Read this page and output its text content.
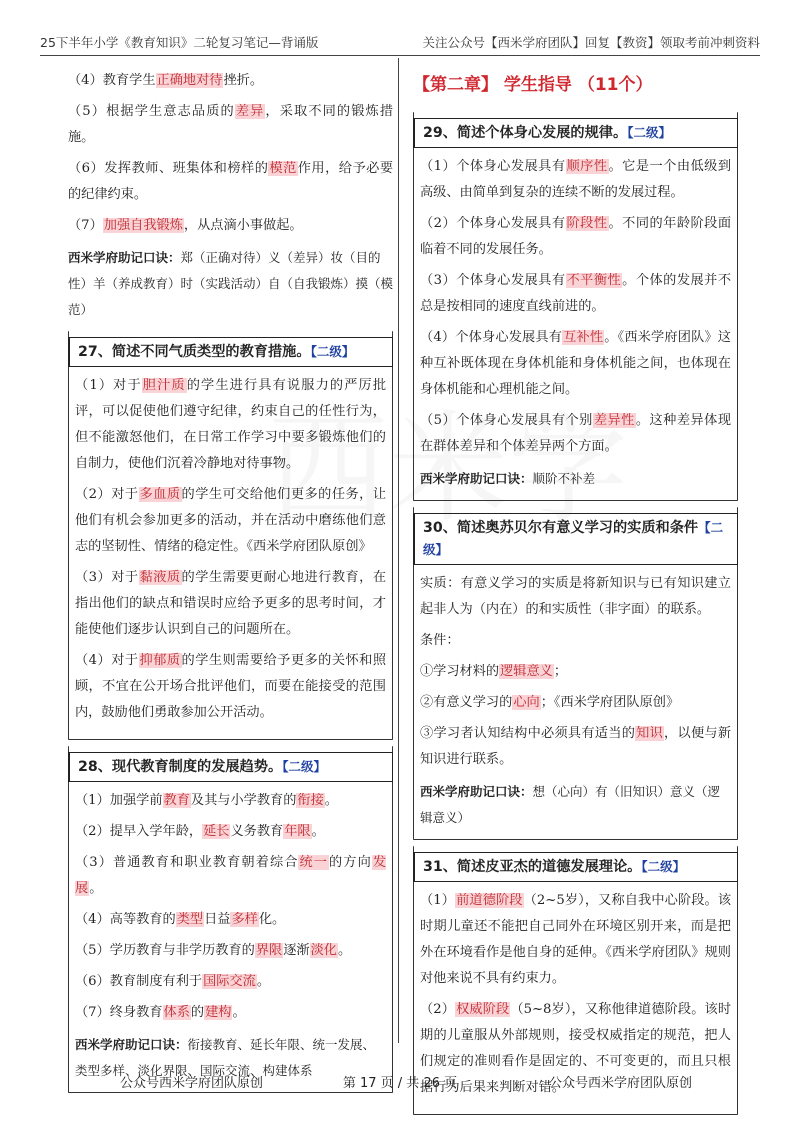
25下半年小学《教育知识》二轮复习笔记—背诵版	关注公众号【西米学府团队】回复【教资】领取考前冲刺资料
（4）教育学生正确地对待挫折。
（5）根据学生意志品质的差异，采取不同的锻炼措施。
（6）发挥教师、班集体和榜样的模范作用，给予必要的纪律约束。
（7）加强自我锻炼，从点滴小事做起。
西米学府助记口诀：郑（正确对待）义（差异）妆（目的性）羊（养成教育）时（实践活动）自（自我锻炼）摸（模范）
27、简述不同气质类型的教育措施。【二级】
（1）对于胆汁质的学生进行具有说服力的严厉批评，可以促使他们遵守纪律，约束自己的任性行为，但不能激怒他们，在日常工作学习中要多锻炼他们的自制力，使他们沉着冷静地对待事物。
（2）对于多血质的学生可交给他们更多的任务，让他们有机会参加更多的活动，并在活动中磨练他们意志的坚韧性、情绪的稳定性。《西米学府团队原创》
（3）对于黏液质的学生需要更耐心地进行教育，在指出他们的缺点和错误时应给予更多的思考时间，才能使他们逐步认识到自己的问题所在。
（4）对于抑郁质的学生则需要给予更多的关怀和照顾，不宜在公开场合批评他们，而要在能接受的范围内，鼓励他们勇敢参加公开活动。
28、现代教育制度的发展趋势。【二级】
（1）加强学前教育及其与小学教育的衔接。
（2）提早入学年龄，延长义务教育年限。
（3）普通教育和职业教育朝着综合统一的方向发展。
（4）高等教育的类型日益多样化。
（5）学历教育与非学历教育的界限逐渐淡化。
（6）教育制度有利于国际交流。
（7）终身教育体系的建构。
西米学府助记口诀：衔接教育、延长年限、统一发展、类型多样、淡化界限、国际交流、构建体系
【第二章】 学生指导 （11个）
29、简述个体身心发展的规律。【二级】
（1）个体身心发展具有顺序性。它是一个由低级到高级、由简单到复杂的连续不断的发展过程。
（2）个体身心发展具有阶段性。不同的年龄阶段面临着不同的发展任务。
（3）个体身心发展具有不平衡性。个体的发展并不总是按相同的速度直线前进的。
（4）个体身心发展具有互补性。《西米学府团队》这种互补既体现在身体机能和身体机能之间，也体现在身体机能和心理机能之间。
（5）个体身心发展具有个别差异性。这种差异体现在群体差异和个体差异两个方面。
西米学府助记口诀：顺阶不补差
30、简述奥苏贝尔有意义学习的实质和条件【二级】
实质：有意义学习的实质是将新知识与已有知识建立起非人为（内在）的和实质性（非字面）的联系。
条件：
①学习材料的逻辑意义；
②有意义学习的心向；《西米学府团队原创》
③学习者认知结构中必须具有适当的知识，以便与新知识进行联系。
西米学府助记口诀：想（心向）有（旧知识）意义（逻辑意义）
31、简述皮亚杰的道德发展理论。【二级】
（1）前道德阶段（2~5岁），又称自我中心阶段。该时期儿童还不能把自己同外在环境区别开来，而是把外在环境看作是他自身的延伸。《西米学府团队》规则对他来说不具有约束力。
（2）权威阶段（5~8岁），又称他律道德阶段。该时期的儿童服从外部规则，接受权威指定的规范，把人们规定的准则看作是固定的、不可变更的，而且只根据行为后果来判断对错。
公众号西米学府团队原创	第 17 页 / 共 26 页	公众号西米学府团队原创
